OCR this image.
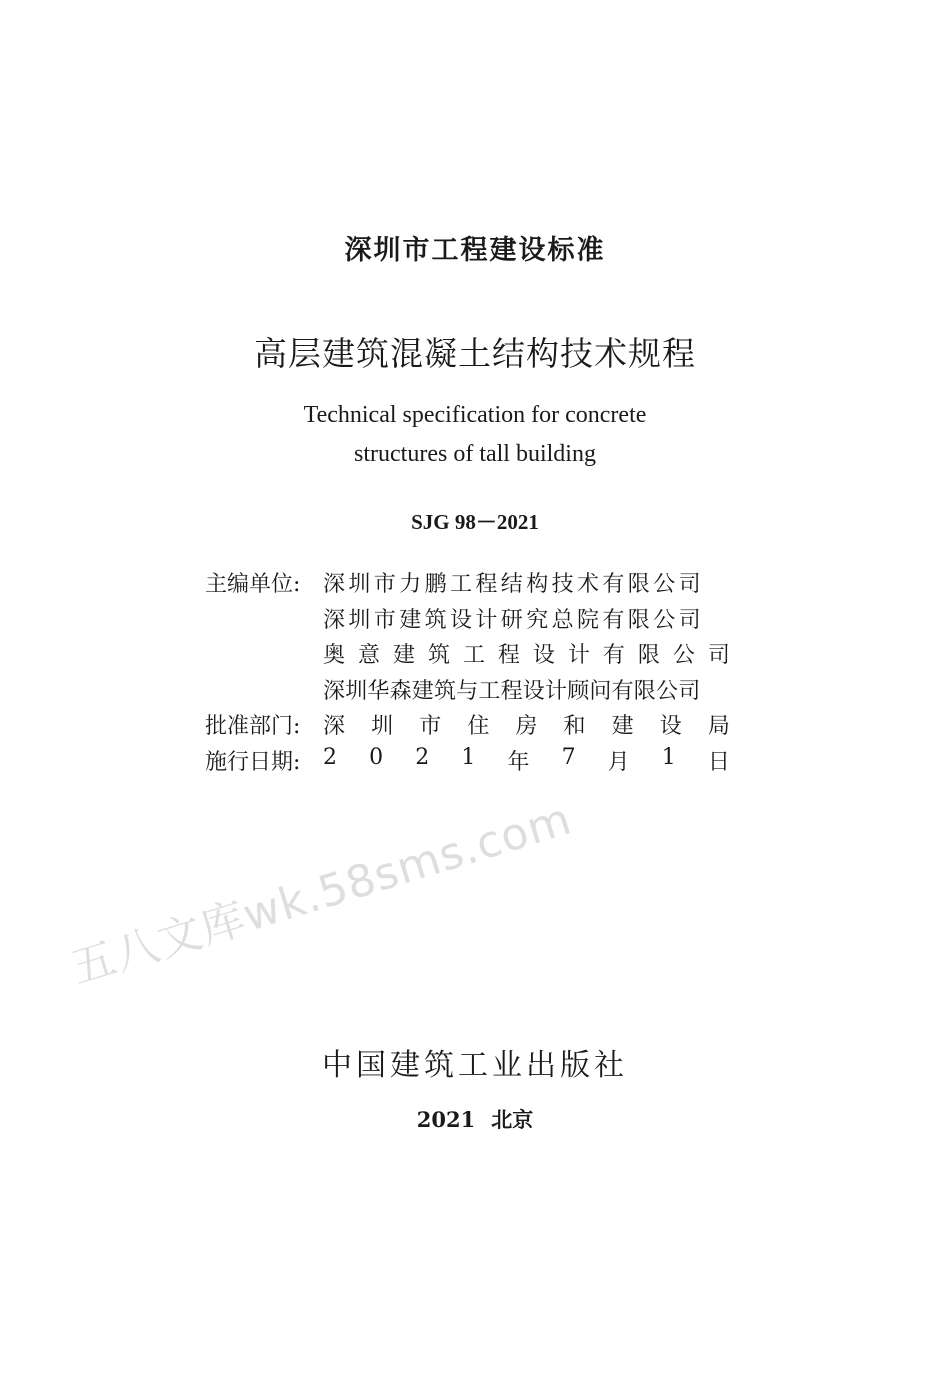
深圳市工程建设标准
高层建筑混凝土结构技术规程
Technical specification for concrete
structures of tall building
SJG 98－2021
主编单位:	深圳市力鹏工程结构技术有限公司
深圳市建筑设计研究总院有限公司
奥 意 建 筑 工 程 设 计 有 限 公 司
深圳华森建筑与工程设计顾问有限公司
批准部门:	深 圳 市 住 房 和 建 设 局
施行日期:	2 0 2 1 年 7 月 1 日
中国建筑工业出版社
2021 北京
五八文库wk.58sms.com
